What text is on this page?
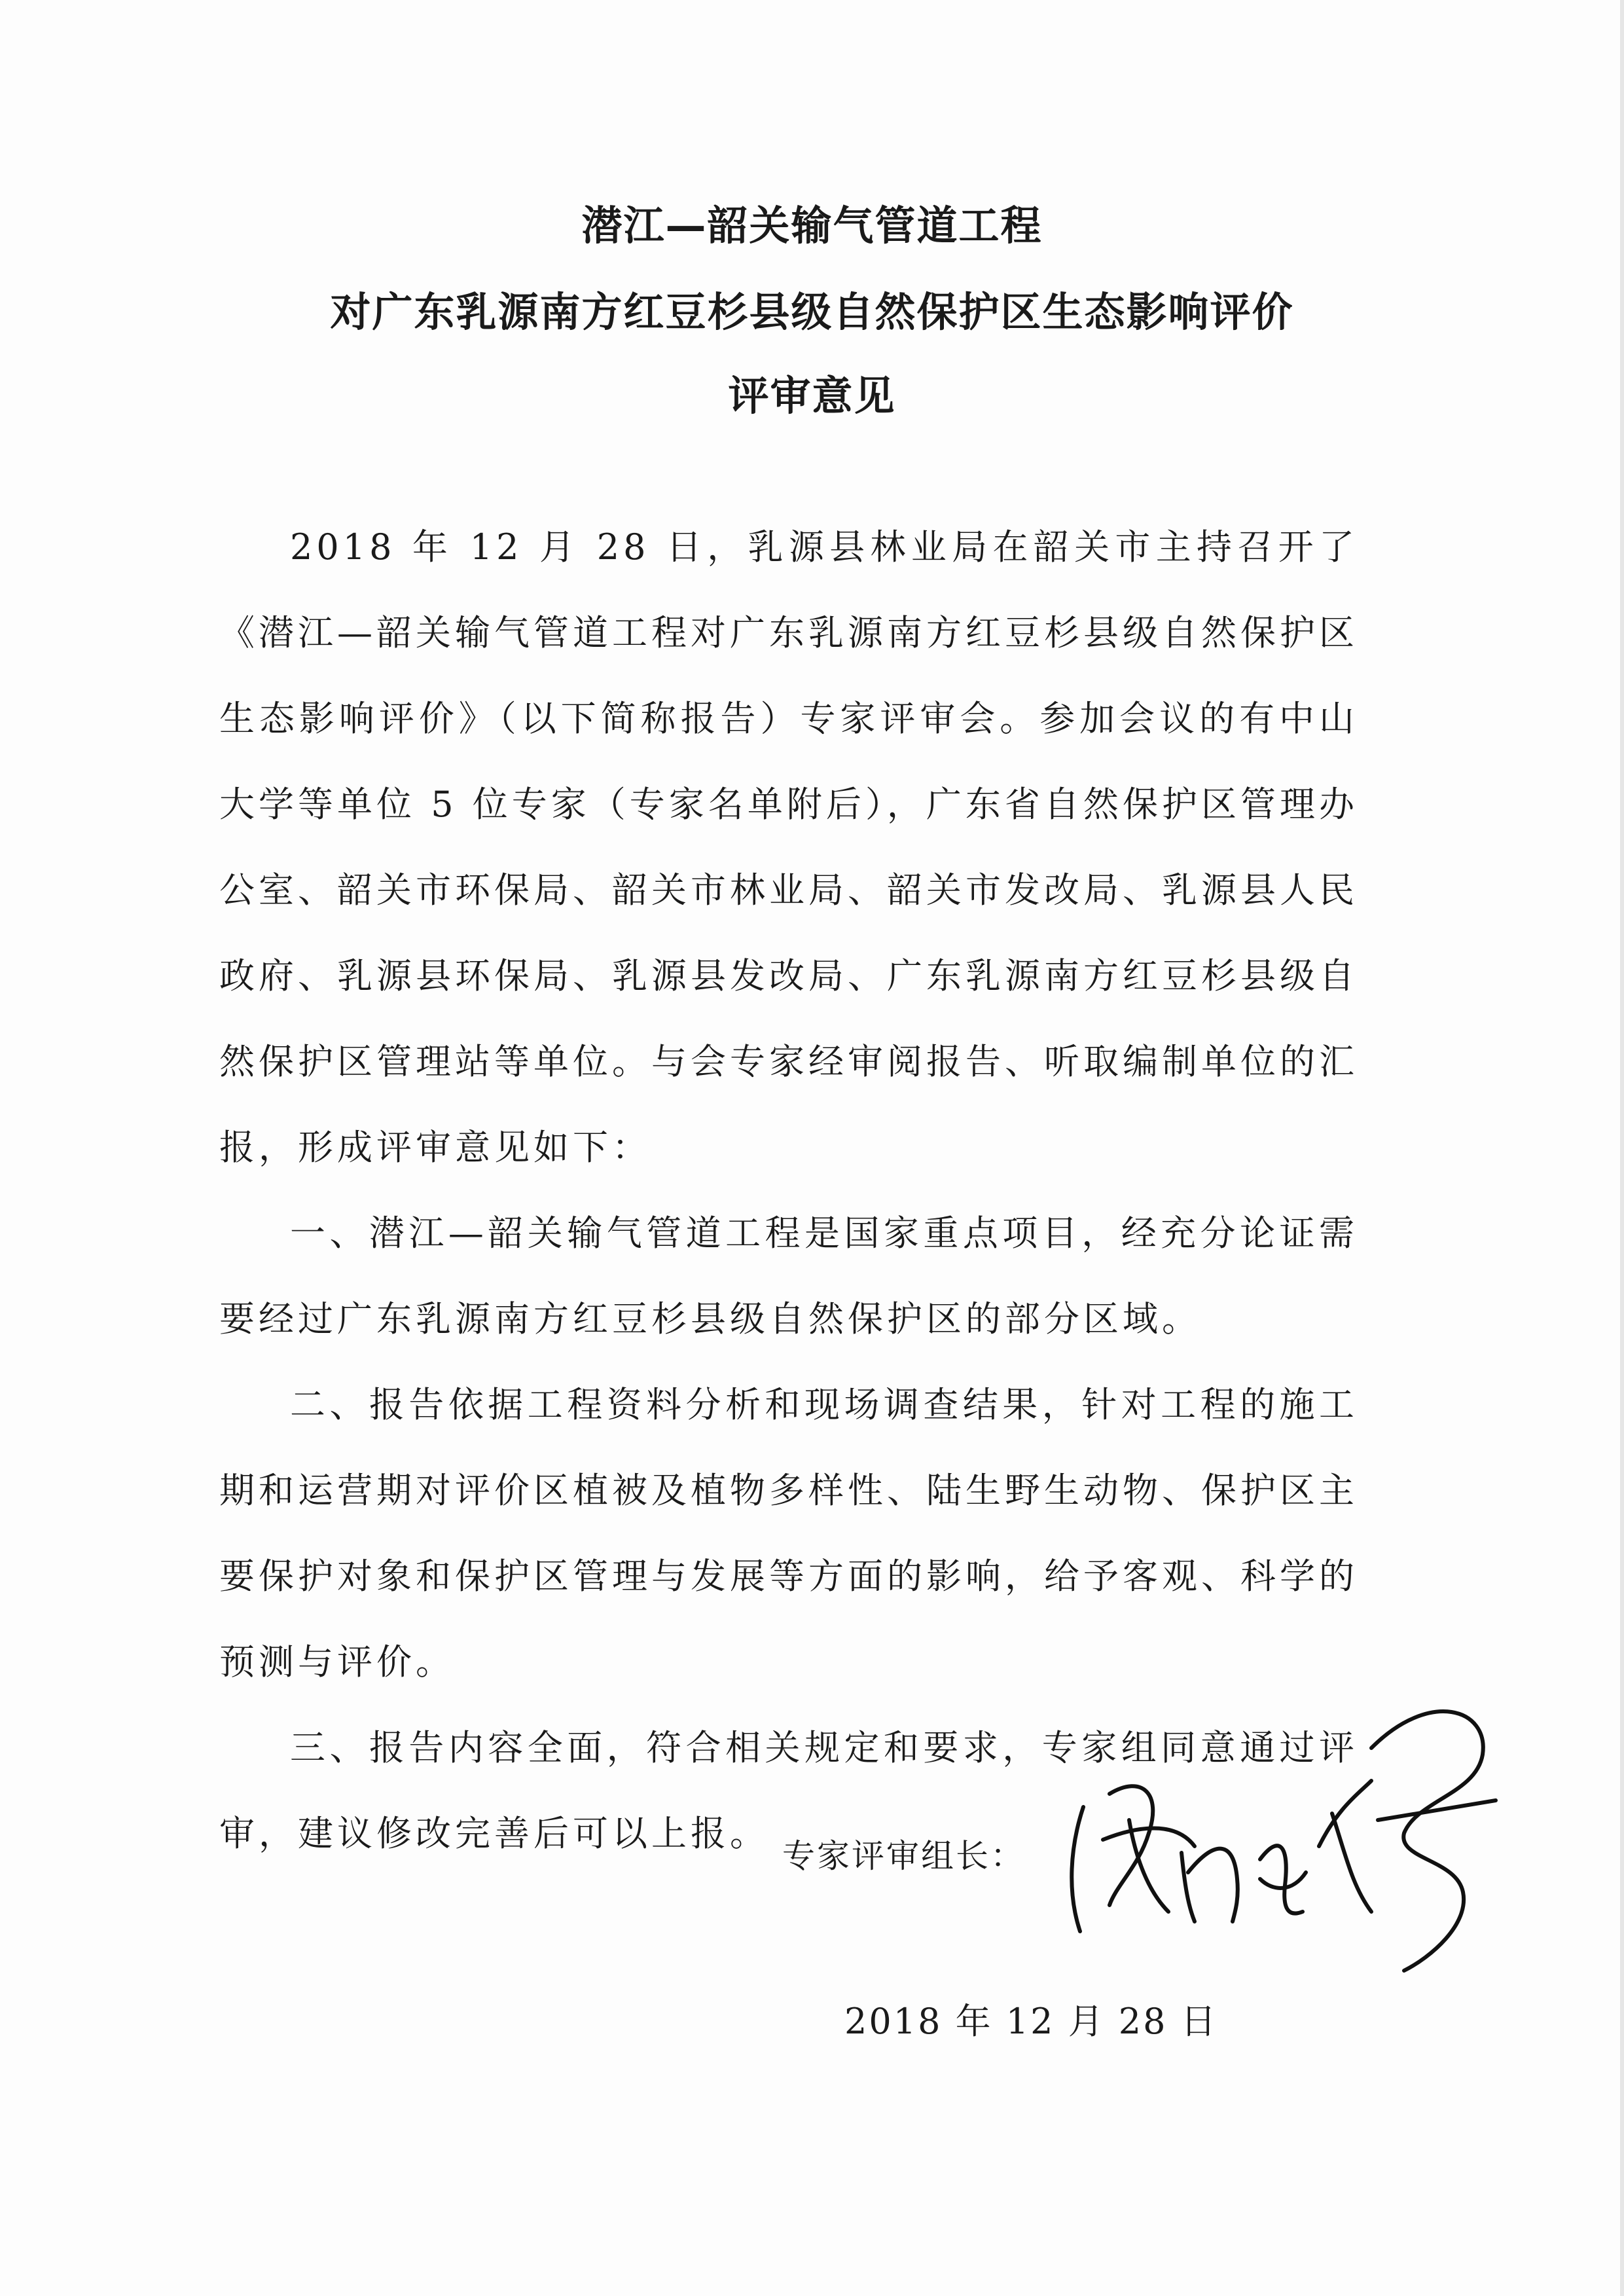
潜江—韶关输气管道工程
对广东乳源南方红豆杉县级自然保护区生态影响评价
评审意见

2018 年 12 月 28 日，乳源县林业局在韶关市主持召开了《潜江—韶关输气管道工程对广东乳源南方红豆杉县级自然保护区生态影响评价》（以下简称报告）专家评审会。参加会议的有中山大学等单位 5 位专家（专家名单附后），广东省自然保护区管理办公室、韶关市环保局、韶关市林业局、韶关市发改局、乳源县人民政府、乳源县环保局、乳源县发改局、广东乳源南方红豆杉县级自然保护区管理站等单位。与会专家经审阅报告、听取编制单位的汇报，形成评审意见如下：

一、潜江—韶关输气管道工程是国家重点项目，经充分论证需要经过广东乳源南方红豆杉县级自然保护区的部分区域。

二、报告依据工程资料分析和现场调查结果，针对工程的施工期和运营期对评价区植被及植物多样性、陆生野生动物、保护区主要保护对象和保护区管理与发展等方面的影响，给予客观、科学的预测与评价。

三、报告内容全面，符合相关规定和要求，专家组同意通过评审，建议修改完善后可以上报。

专家评审组长：
2018 年 12 月 28 日
